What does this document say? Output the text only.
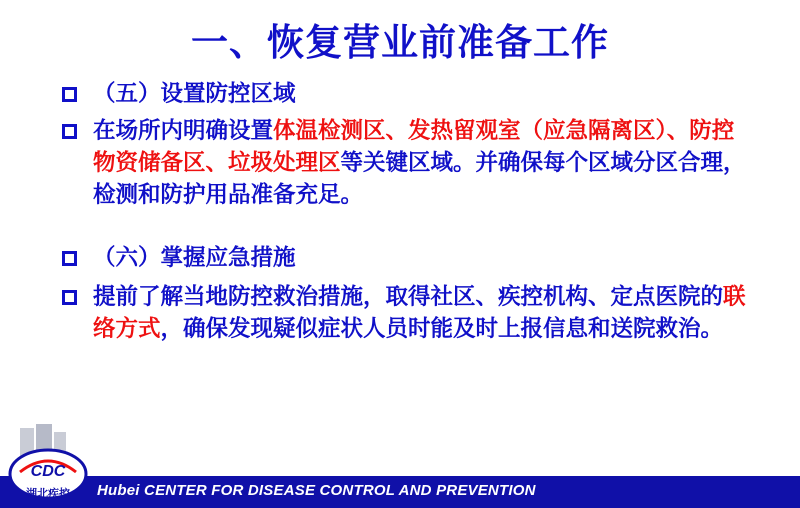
一、恢复营业前准备工作
（五）设置防控区域
在场所内明确设置体温检测区、发热留观室（应急隔离区）、防控物资储备区、垃圾处理区等关键区域。并确保每个区域分区合理，检测和防护用品准备充足。
（六）掌握应急措施
提前了解当地防控救治措施，取得社区、疾控机构、定点医院的联络方式，确保发现疑似症状人员时能及时上报信息和送院救治。
Hubei CENTER FOR DISEASE CONTROL AND PREVENTION
CDC
湖北疾控
